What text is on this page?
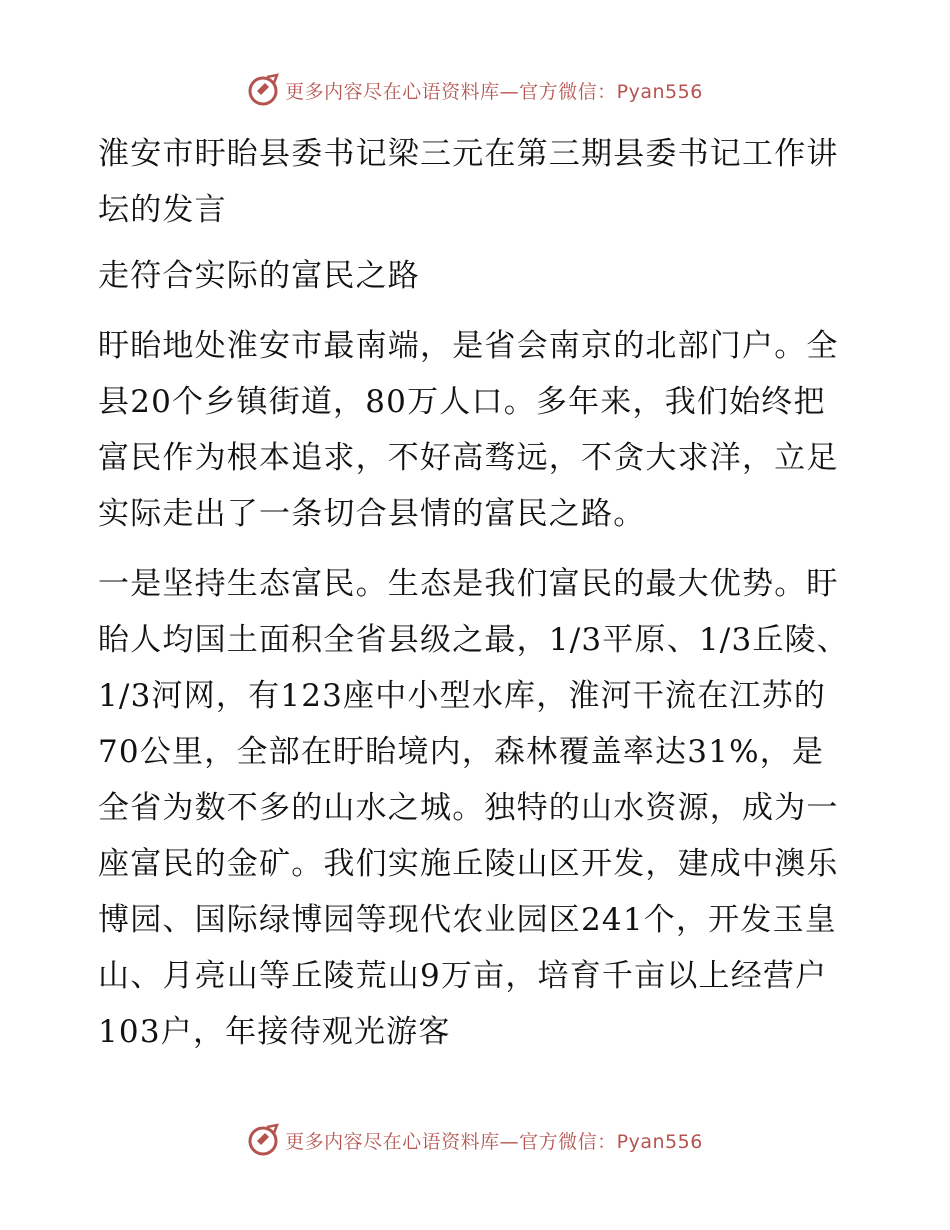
更多内容尽在心语资料库—官方微信：Pyan556

淮安市盱眙县委书记梁三元在第三期县委书记工作讲坛的发言

走符合实际的富民之路

盱眙地处淮安市最南端，是省会南京的北部门户。全县20个乡镇街道，80万人口。多年来，我们始终把富民作为根本追求，不好高骛远，不贪大求洋，立足实际走出了一条切合县情的富民之路。

一是坚持生态富民。生态是我们富民的最大优势。盱眙人均国土面积全省县级之最，1/3平原、1/3丘陵、1/3河网，有123座中小型水库，淮河干流在江苏的70公里，全部在盱眙境内，森林覆盖率达31%，是全省为数不多的山水之城。独特的山水资源，成为一座富民的金矿。我们实施丘陵山区开发，建成中澳乐博园、国际绿博园等现代农业园区241个，开发玉皇山、月亮山等丘陵荒山9万亩，培育千亩以上经营户103户，年接待观光游客

更多内容尽在心语资料库—官方微信：Pyan556
